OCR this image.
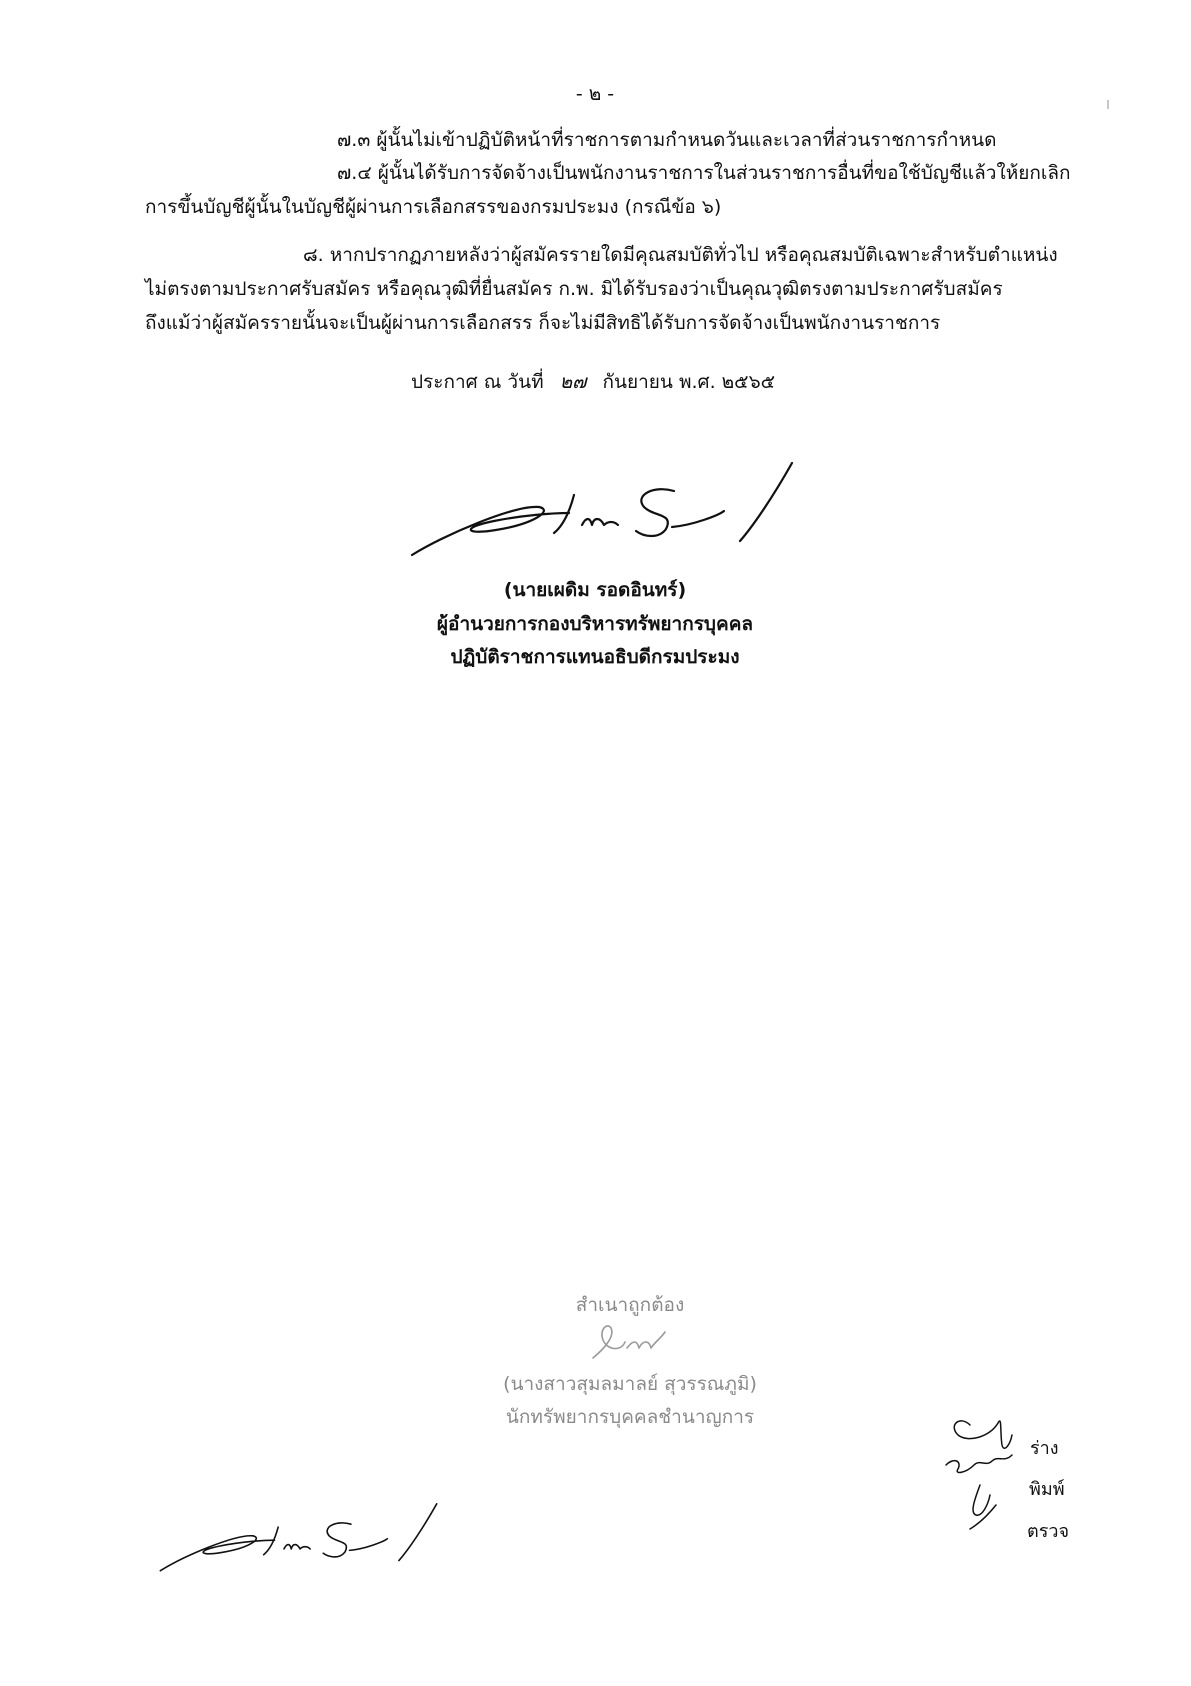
- ๒ -
๗.๓ ผู้นั้นไม่เข้าปฏิบัติหน้าที่ราชการตามกำหนดวันและเวลาที่ส่วนราชการกำหนด
๗.๔ ผู้นั้นได้รับการจัดจ้างเป็นพนักงานราชการในส่วนราชการอื่นที่ขอใช้บัญชีแล้วให้ยกเลิก
การขึ้นบัญชีผู้นั้นในบัญชีผู้ผ่านการเลือกสรรของกรมประมง (กรณีข้อ ๖)
๘. หากปรากฏภายหลังว่าผู้สมัครรายใดมีคุณสมบัติทั่วไป หรือคุณสมบัติเฉพาะสำหรับตำแหน่ง
ไม่ตรงตามประกาศรับสมัคร หรือคุณวุฒิที่ยื่นสมัคร ก.พ. มิได้รับรองว่าเป็นคุณวุฒิตรงตามประกาศรับสมัคร
ถึงแม้ว่าผู้สมัครรายนั้นจะเป็นผู้ผ่านการเลือกสรร ก็จะไม่มีสิทธิได้รับการจัดจ้างเป็นพนักงานราชการ
ประกาศ ณ วันที่ ๒๗ กันยายน พ.ศ. ๒๕๖๕
(นายเผดิม รอดอินทร์)
ผู้อำนวยการกองบริหารทรัพยากรบุคคล
ปฏิบัติราชการแทนอธิบดีกรมประมง
สำเนาถูกต้อง
(นางสาวสุมลมาลย์ สุวรรณภูมิ)
นักทรัพยากรบุคคลชำนาญการ
ร่าง
พิมพ์
ตรวจ
